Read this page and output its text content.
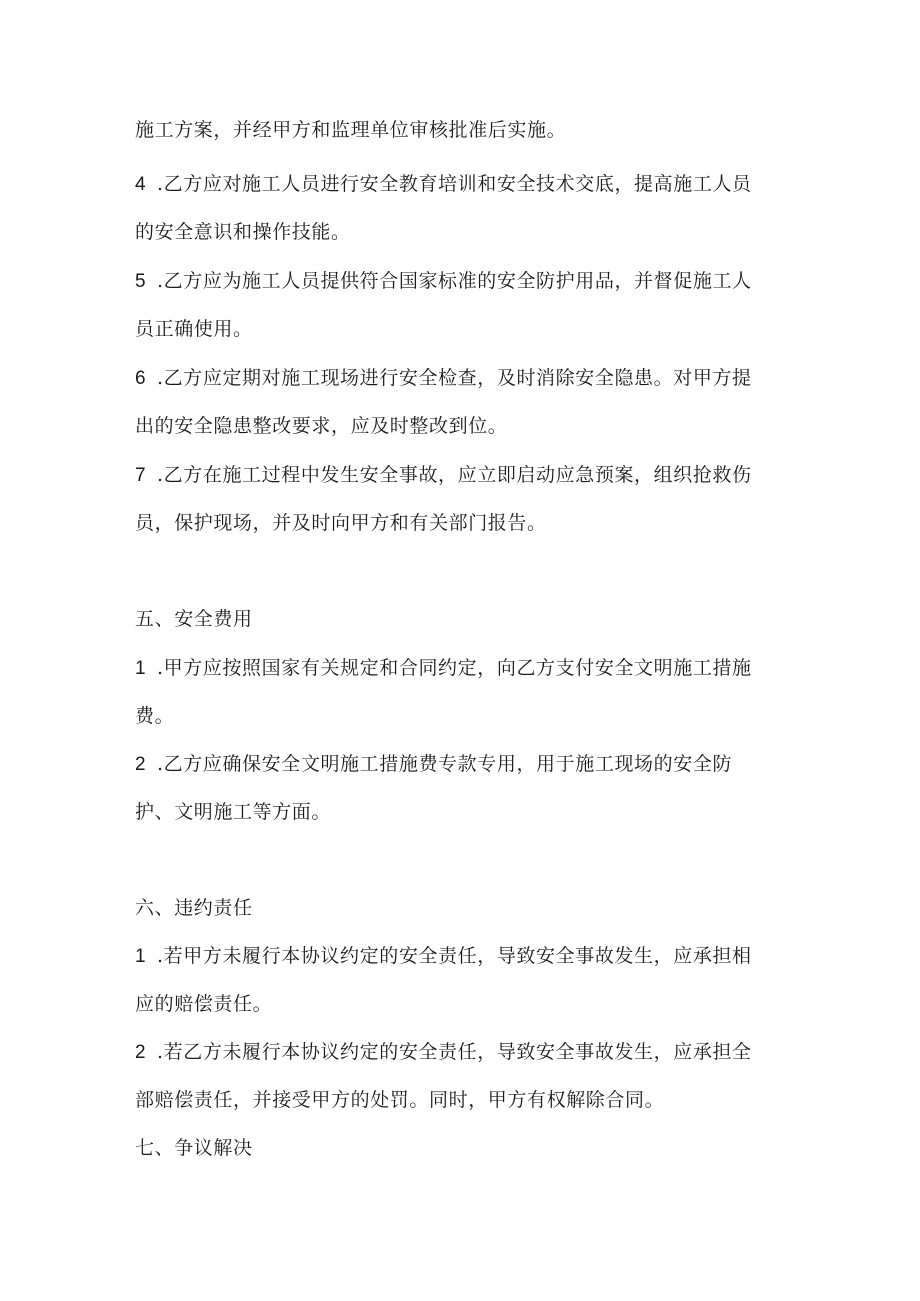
施工方案，并经甲方和监理单位审核批准后实施。
4 .乙方应对施工人员进行安全教育培训和安全技术交底，提高施工人员
的安全意识和操作技能。
5 .乙方应为施工人员提供符合国家标准的安全防护用品，并督促施工人
员正确使用。
6 .乙方应定期对施工现场进行安全检查，及时消除安全隐患。对甲方提
出的安全隐患整改要求，应及时整改到位。
7 .乙方在施工过程中发生安全事故，应立即启动应急预案，组织抢救伤
员，保护现场，并及时向甲方和有关部门报告。
五、安全费用
1 .甲方应按照国家有关规定和合同约定，向乙方支付安全文明施工措施
费。
2 .乙方应确保安全文明施工措施费专款专用，用于施工现场的安全防
护、文明施工等方面。
六、违约责任
1 .若甲方未履行本协议约定的安全责任，导致安全事故发生，应承担相
应的赔偿责任。
2 .若乙方未履行本协议约定的安全责任，导致安全事故发生，应承担全
部赔偿责任，并接受甲方的处罚。同时，甲方有权解除合同。
七、争议解决
